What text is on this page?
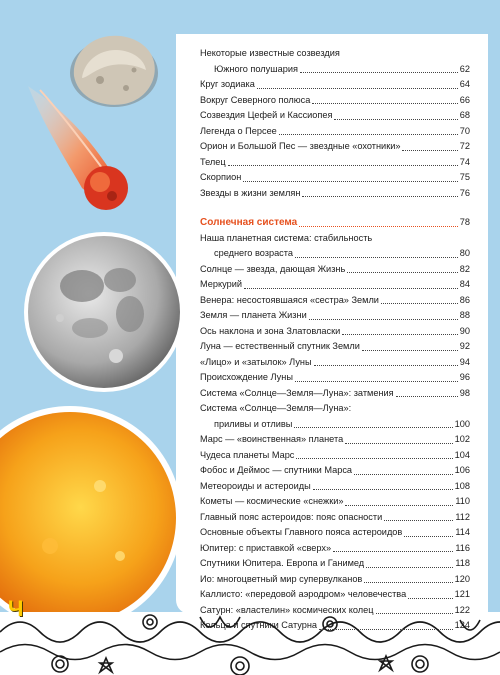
Ч
Некоторые известные созвездия
Южного полушария	62
Круг зодиака	64
Вокруг Северного полюса	66
Созвездия Цефей и Кассиопея	68
Легенда о Персее	70
Орион и Большой Пес — звездные «охотники»	72
Телец	74
Скорпион	75
Звезды в жизни землян	76
Солнечная система	78
Наша планетная система: стабильность
среднего возраста	80
Солнце — звезда, дающая Жизнь	82
Меркурий	84
Венера: несостоявшаяся «сестра» Земли	86
Земля — планета Жизни	88
Ось наклона и зона Златовласки	90
Луна — естественный спутник Земли	92
«Лицо» и «затылок» Луны	94
Происхождение Луны	96
Система «Солнце—Земля—Луна»: затмения	98
Система «Солнце—Земля—Луна»:
приливы и отливы	100
Марс — «воинственная» планета	102
Чудеса планеты Марс	104
Фобос и Деймос — спутники Марса	106
Метеороиды и астероиды	108
Кометы — космические «снежки»	110
Главный пояс астероидов: пояс опасности	112
Основные объекты Главного пояса астероидов	114
Юпитер: с приставкой «сверх»	116
Спутники Юпитера. Европа и Ганимед	118
Ио: многоцветный мир супервулканов	120
Каллисто: «передовой аэродром» человечества	121
Сатурн: «властелин» космических колец	122
Кольца и спутники Сатурна	124
